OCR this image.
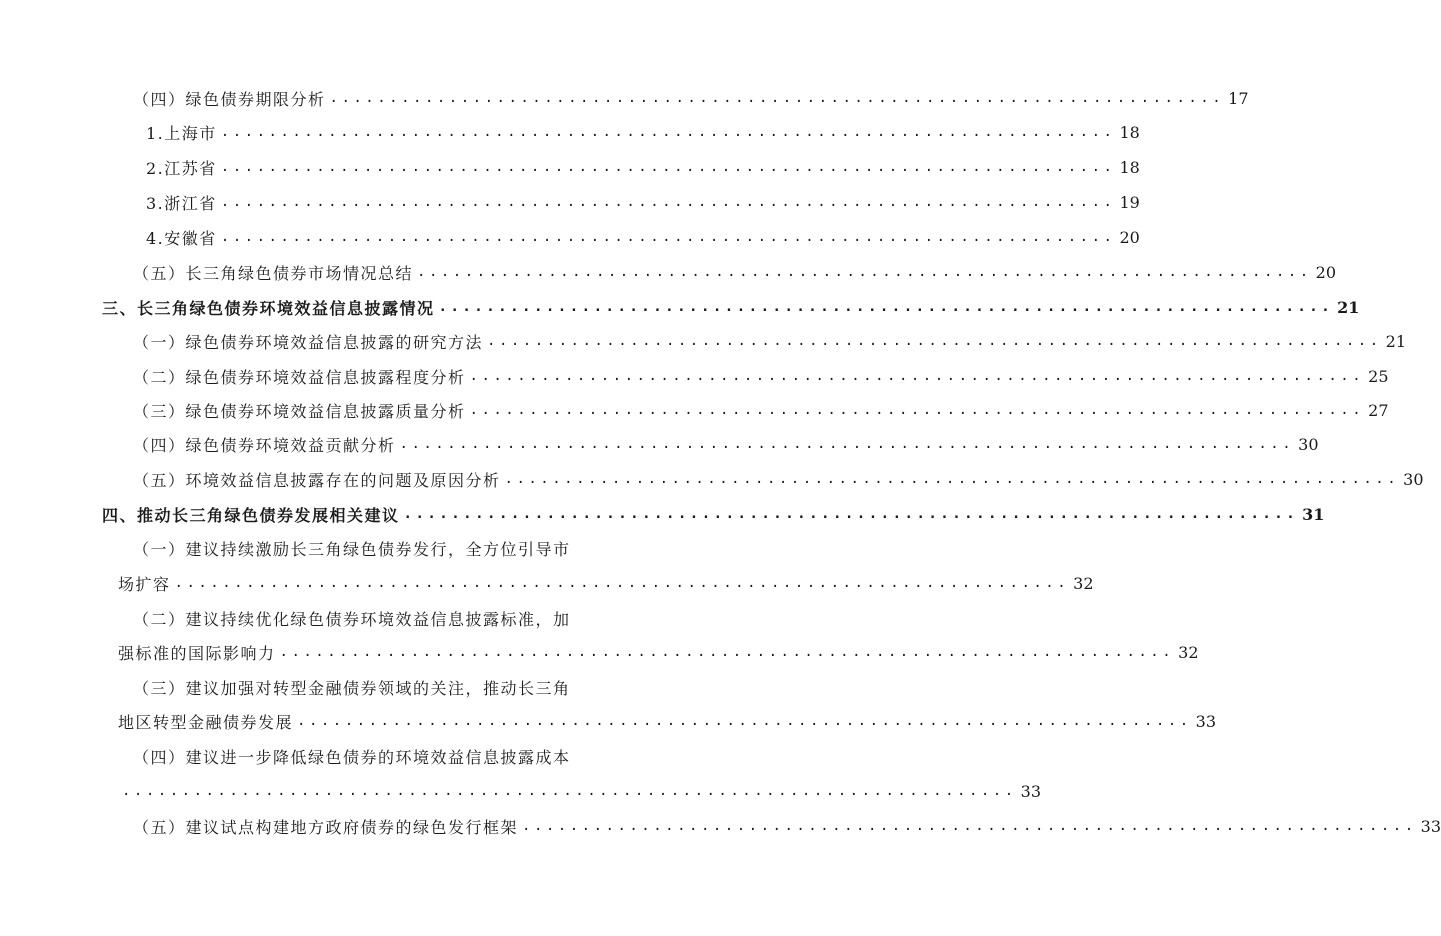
（四）绿色债券期限分析 ........................................................................... 17
1.上海市 ........................................................................... 18
2.江苏省 ........................................................................... 18
3.浙江省 ........................................................................... 19
4.安徽省 ........................................................................... 20
（五）长三角绿色债券市场情况总结 ........................................................................... 20
三、长三角绿色债券环境效益信息披露情况 ........................................................................... 21
（一）绿色债券环境效益信息披露的研究方法 ........................................................................... 21
（二）绿色债券环境效益信息披露程度分析 ........................................................................... 25
（三）绿色债券环境效益信息披露质量分析 ........................................................................... 27
（四）绿色债券环境效益贡献分析 ........................................................................... 30
（五）环境效益信息披露存在的问题及原因分析 ........................................................................... 30
四、推动长三角绿色债券发展相关建议 ........................................................................... 31
（一）建议持续激励长三角绿色债券发行，全方位引导市
场扩容 ........................................................................... 32
（二）建议持续优化绿色债券环境效益信息披露标准，加
强标准的国际影响力 ........................................................................... 32
（三）建议加强对转型金融债券领域的关注，推动长三角
地区转型金融债券发展 ........................................................................... 33
（四）建议进一步降低绿色债券的环境效益信息披露成本
........................................................................... 33
（五）建议试点构建地方政府债券的绿色发行框架 ........................................................................... 33
